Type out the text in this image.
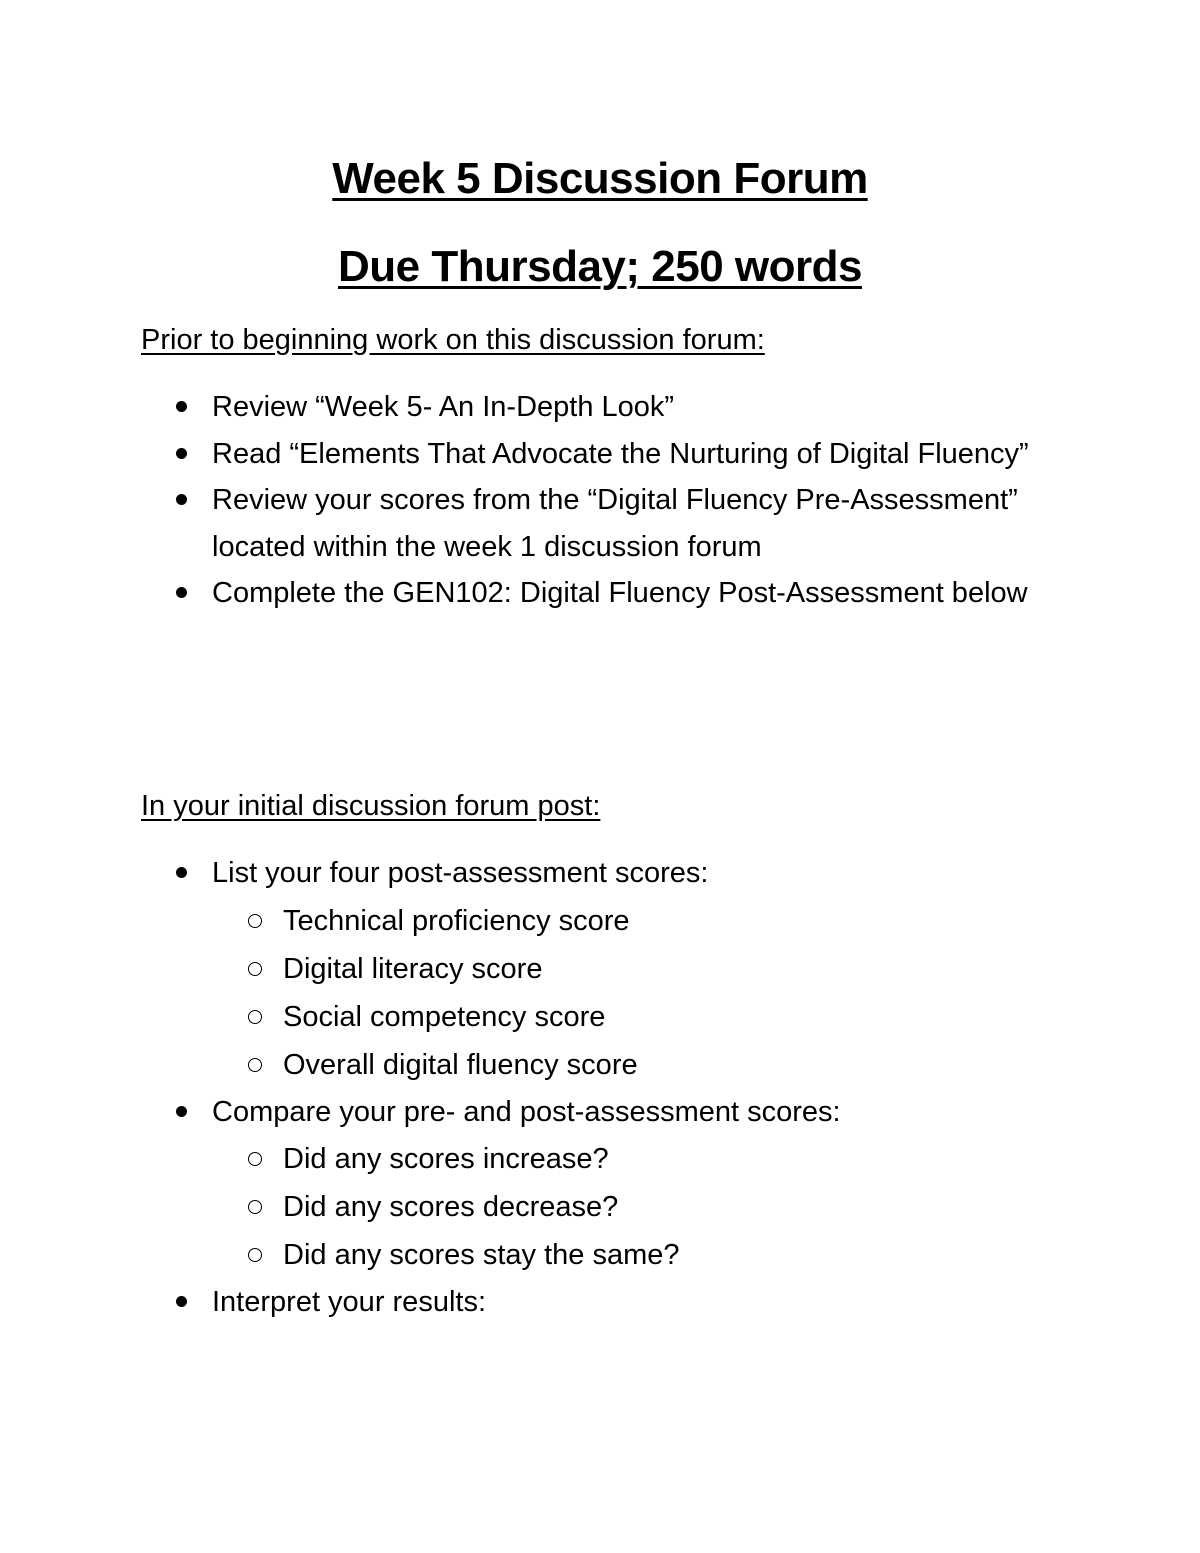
Week 5 Discussion Forum
Due Thursday; 250 words
Prior to beginning work on this discussion forum:
Review “Week 5- An In-Depth Look”
Read “Elements That Advocate the Nurturing of Digital Fluency”
Review your scores from the “Digital Fluency Pre-Assessment” located within the week 1 discussion forum
Complete the GEN102: Digital Fluency Post-Assessment below
In your initial discussion forum post:
List your four post-assessment scores:
Technical proficiency score
Digital literacy score
Social competency score
Overall digital fluency score
Compare your pre- and post-assessment scores:
Did any scores increase?
Did any scores decrease?
Did any scores stay the same?
Interpret your results:
